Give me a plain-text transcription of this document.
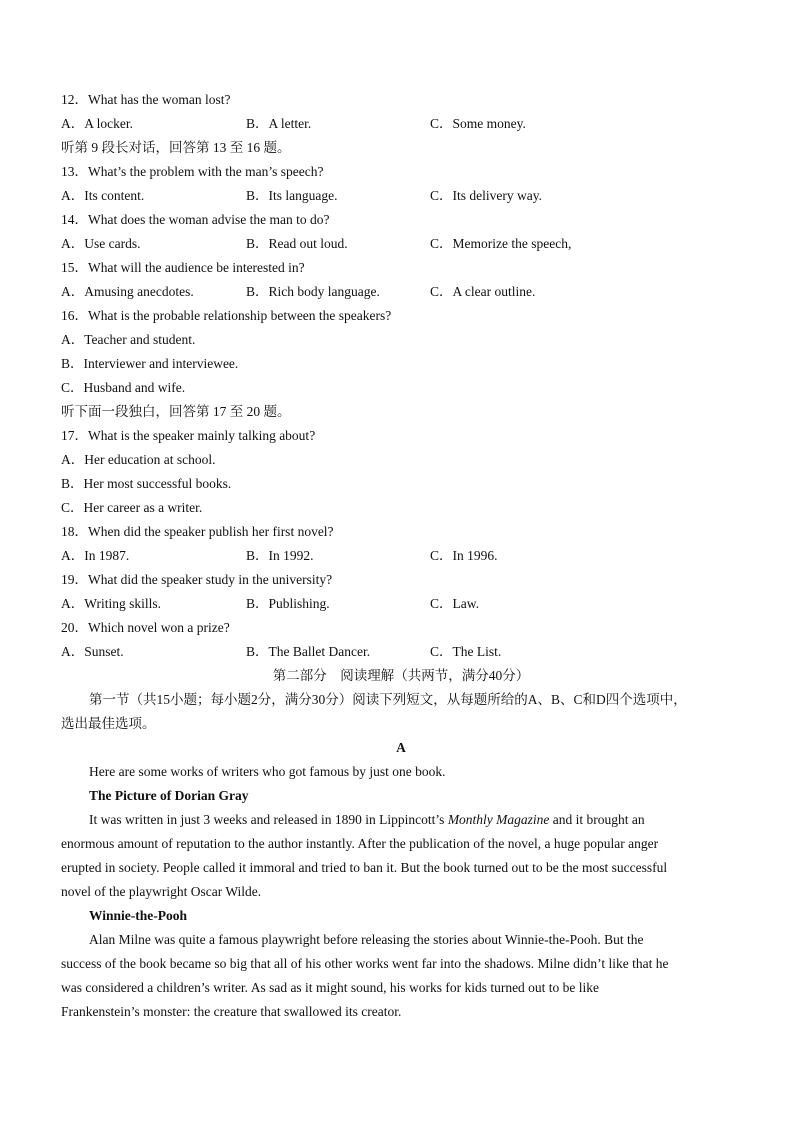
12．What has the woman lost?
A．A locker.	B．A letter.	C．Some money.
听第 9 段长对话，回答第 13 至 16 题。
13．What’s the problem with the man’s speech?
A．Its content.	B．Its language.	C．Its delivery way.
14．What does the woman advise the man to do?
A．Use cards.	B．Read out loud.	C．Memorize the speech,
15．What will the audience be interested in?
A．Amusing anecdotes.	B．Rich body language.	C．A clear outline.
16．What is the probable relationship between the speakers?
A．Teacher and student.
B．Interviewer and interviewee.
C．Husband and wife.
听下面一段独白，回答第 17 至 20 题。
17．What is the speaker mainly talking about?
A．Her education at school.
B．Her most successful books.
C．Her career as a writer.
18．When did the speaker publish her first novel?
A．In 1987.	B．In 1992.	C．In 1996.
19．What did the speaker study in the university?
A．Writing skills.	B．Publishing.	C．Law.
20．Which novel won a prize?
A．Sunset.	B．The Ballet Dancer.	C．The List.
第二部分　阅读理解（共两节，满分40分）
第一节（共15小题；每小题2分，满分30分）阅读下列短文，从每题所给的A、B、C和D四个选项中，
选出最佳选项。
A
Here are some works of writers who got famous by just one book.
The Picture of Dorian Gray
It was written in just 3 weeks and released in 1890 in Lippincott’s Monthly Magazine and it brought an
enormous amount of reputation to the author instantly. After the publication of the novel, a huge popular anger
erupted in society. People called it immoral and tried to ban it. But the book turned out to be the most successful
novel of the playwright Oscar Wilde.
Winnie-the-Pooh
Alan Milne was quite a famous playwright before releasing the stories about Winnie-the-Pooh. But the
success of the book became so big that all of his other works went far into the shadows. Milne didn’t like that he
was considered a children’s writer. As sad as it might sound, his works for kids turned out to be like
Frankenstein’s monster: the creature that swallowed its creator.
